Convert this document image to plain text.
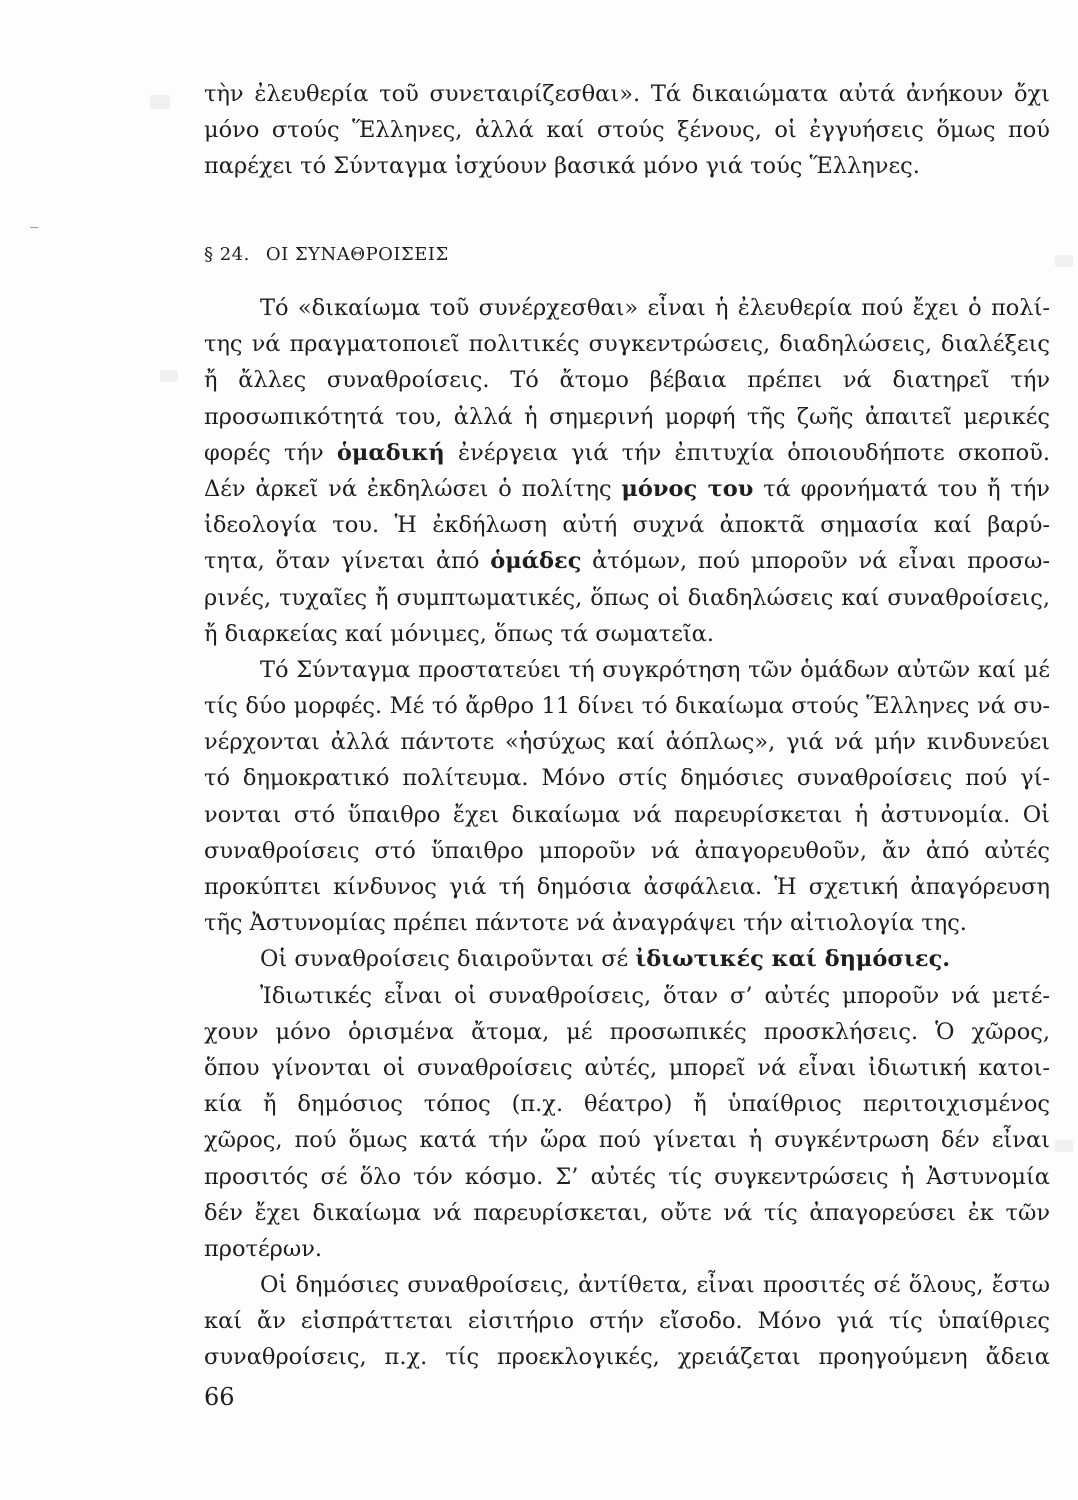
τὴν ἐλευθερία τοῦ συνεταιρίζεσθαι». Τά δικαιώματα αὐτά ἀνήκουν ὄχι
μόνο στούς Ἕλληνες, ἀλλά καί στούς ξένους, οἱ ἐγγυήσεις ὅμως πού
παρέχει τό Σύνταγμα ἰσχύουν βασικά μόνο γιά τούς Ἕλληνες.
§ 24. ΟΙ ΣΥΝΑΘΡΟΙΣΕΙΣ
Τό «δικαίωμα τοῦ συνέρχεσθαι» εἶναι ἡ ἐλευθερία πού ἔχει ὁ πολί-
της νά πραγματοποιεῖ πολιτικές συγκεντρώσεις, διαδηλώσεις, διαλέξεις
ἤ ἄλλες συναθροίσεις. Τό ἄτομο βέβαια πρέπει νά διατηρεῖ τήν
προσωπικότητά του, ἀλλά ἡ σημερινή μορφή τῆς ζωῆς ἀπαιτεῖ μερικές
φορές τήν ὁμαδική ἐνέργεια γιά τήν ἐπιτυχία ὁποιουδήποτε σκοποῦ.
Δέν ἀρκεῖ νά ἐκδηλώσει ὁ πολίτης μόνος του τά φρονήματά του ἤ τήν
ἰδεολογία του. Ἡ ἐκδήλωση αὐτή συχνά ἀποκτᾶ σημασία καί βαρύ-
τητα, ὅταν γίνεται ἀπό ὁμάδες ἀτόμων, πού μποροῦν νά εἶναι προσω-
ρινές, τυχαῖες ἤ συμπτωματικές, ὅπως οἱ διαδηλώσεις καί συναθροίσεις,
ἤ διαρκείας καί μόνιμες, ὅπως τά σωματεῖα.
Τό Σύνταγμα προστατεύει τή συγκρότηση τῶν ὁμάδων αὐτῶν καί μέ
τίς δύο μορφές. Μέ τό ἄρθρο 11 δίνει τό δικαίωμα στούς Ἕλληνες νά συ-
νέρχονται ἀλλά πάντοτε «ἡσύχως καί ἀόπλως», γιά νά μήν κινδυνεύει
τό δημοκρατικό πολίτευμα. Μόνο στίς δημόσιες συναθροίσεις πού γί-
νονται στό ὕπαιθρο ἔχει δικαίωμα νά παρευρίσκεται ἡ ἀστυνομία. Οἱ
συναθροίσεις στό ὕπαιθρο μποροῦν νά ἀπαγορευθοῦν, ἄν ἀπό αὐτές
προκύπτει κίνδυνος γιά τή δημόσια ἀσφάλεια. Ἡ σχετική ἀπαγόρευση
τῆς Ἀστυνομίας πρέπει πάντοτε νά ἀναγράψει τήν αἰτιολογία της.
Οἱ συναθροίσεις διαιροῦνται σέ ἰδιωτικές καί δημόσιες.
Ἰδιωτικές εἶναι οἱ συναθροίσεις, ὅταν σ’ αὐτές μποροῦν νά μετέ-
χουν μόνο ὁρισμένα ἄτομα, μέ προσωπικές προσκλήσεις. Ὁ χῶρος,
ὅπου γίνονται οἱ συναθροίσεις αὐτές, μπορεῖ νά εἶναι ἰδιωτική κατοι-
κία ἤ δημόσιος τόπος (π.χ. θέατρο) ἤ ὑπαίθριος περιτοιχισμένος
χῶρος, πού ὅμως κατά τήν ὥρα πού γίνεται ἡ συγκέντρωση δέν εἶναι
προσιτός σέ ὅλο τόν κόσμο. Σ’ αὐτές τίς συγκεντρώσεις ἡ Ἀστυνομία
δέν ἔχει δικαίωμα νά παρευρίσκεται, οὔτε νά τίς ἀπαγορεύσει ἐκ τῶν
προτέρων.
Οἱ δημόσιες συναθροίσεις, ἀντίθετα, εἶναι προσιτές σέ ὅλους, ἔστω
καί ἄν εἰσπράττεται εἰσιτήριο στήν εἴσοδο. Μόνο γιά τίς ὑπαίθριες
συναθροίσεις, π.χ. τίς προεκλογικές, χρειάζεται προηγούμενη ἄδεια
66
